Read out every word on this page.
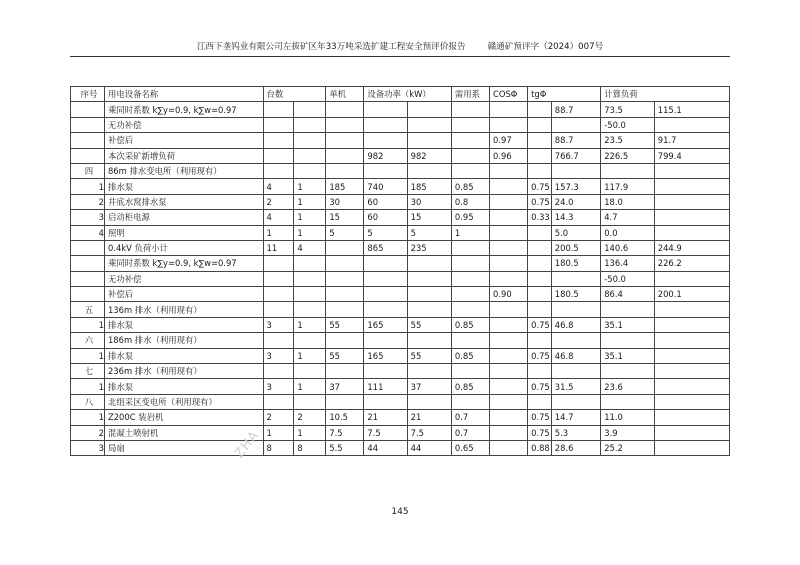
江西下垄钨业有限公司左拔矿区年33万吨采选扩建工程安全预评价报告	赣通矿预评字（2024）007号
序号	用电设备名称	台数		单机	设备功率（kW）		需用系	COSΦ	tgΦ		计算负荷	
	乘同时系数 k∑y=0.9, k∑w=0.97									88.7	73.5	115.1
	无功补偿										-50.0	
	补偿后							0.97		88.7	23.5	91.7
	本次采矿新增负荷				982	982		0.96		766.7	226.5	799.4
四	86m 排水变电所（利用现有）											
1	排水泵	4	1	185	740	185	0.85		0.75	157.3	117.9	
2	井底水窝排水泵	2	1	30	60	30	0.8		0.75	24.0	18.0	
3	启动柜电源	4	1	15	60	15	0.95		0.33	14.3	4.7	
4	照明	1	1	5	5	5	1			5.0	0.0	
	0.4kV 负荷小计	11	4		865	235				200.5	140.6	244.9
	乘同时系数 k∑y=0.9, k∑w=0.97									180.5	136.4	226.2
	无功补偿										-50.0	
	补偿后							0.90		180.5	86.4	200.1
五	136m 排水（利用现有）											
1	排水泵	3	1	55	165	55	0.85		0.75	46.8	35.1	
六	186m 排水（利用现有）											
1	排水泵	3	1	55	165	55	0.85		0.75	46.8	35.1	
七	236m 排水（利用现有）											
1	排水泵	3	1	37	111	37	0.85		0.75	31.5	23.6	
八	北组采区变电所（利用现有）											
1	Z200C 装岩机	2	2	10.5	21	21	0.7		0.75	14.7	11.0	
2	混凝土喷射机	1	1	7.5	7.5	7.5	0.7		0.75	5.3	3.9	
3	局扇	8	8	5.5	44	44	0.65		0.88	28.6	25.2	
ZHA
145
